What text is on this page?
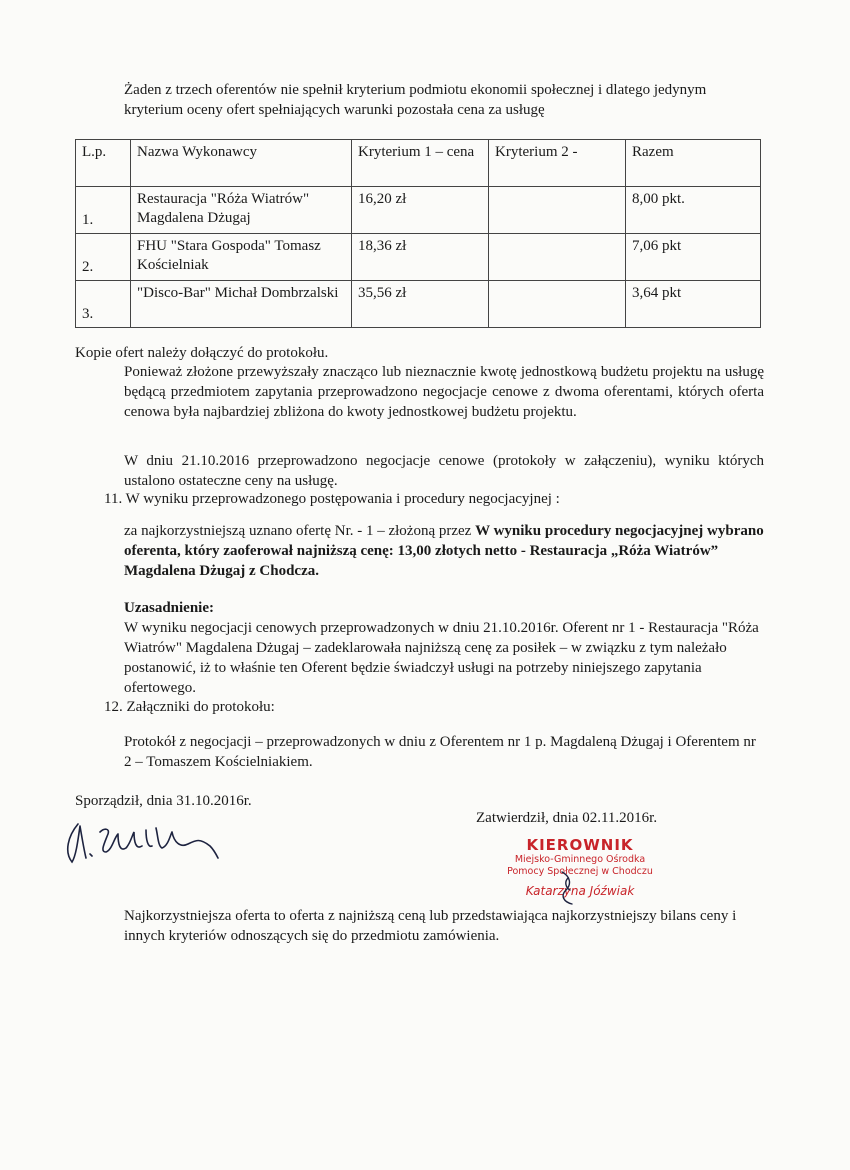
Żaden z trzech oferentów nie spełnił kryterium podmiotu ekonomii społecznej i dlatego jedynym kryterium oceny ofert spełniających warunki pozostała cena za usługę
L.p.	Nazwa Wykonawcy	Kryterium 1 – cena	Kryterium 2 -	Razem
1.	Restauracja "Róża Wiatrów" Magdalena Dżugaj	16,20 zł		8,00 pkt.
2.	FHU "Stara Gospoda" Tomasz Kościelniak	18,36 zł		7,06 pkt
3.	"Disco-Bar" Michał Dombrzalski	35,56 zł		3,64 pkt
Kopie ofert należy dołączyć do protokołu.
Ponieważ złożone przewyższały znacząco lub nieznacznie kwotę jednostkową budżetu projektu na usługę będącą przedmiotem zapytania przeprowadzono negocjacje cenowe z dwoma oferentami, których oferta cenowa była najbardziej zbliżona do kwoty jednostkowej budżetu projektu.
W dniu 21.10.2016 przeprowadzono negocjacje cenowe (protokoły w załączeniu), wyniku których ustalono ostateczne ceny na usługę.
11. W wyniku przeprowadzonego postępowania i procedury negocjacyjnej :
za najkorzystniejszą uznano ofertę Nr. - 1 – złożoną przez W wyniku procedury negocjacyjnej wybrano oferenta, który zaoferował najniższą cenę: 13,00 złotych netto - Restauracja „Róża Wiatrów” Magdalena Dżugaj z Chodcza.
Uzasadnienie:
W wyniku negocjacji cenowych przeprowadzonych w dniu 21.10.2016r. Oferent nr 1 - Restauracja "Róża Wiatrów" Magdalena Dżugaj – zadeklarowała najniższą cenę za posiłek – w związku z tym należało postanowić, iż to właśnie ten Oferent będzie świadczył usługi na potrzeby niniejszego zapytania ofertowego.
12. Załączniki do protokołu:
Protokół z negocjacji – przeprowadzonych w dniu z Oferentem nr 1 p. Magdaleną Dżugaj i Oferentem nr 2 – Tomaszem Kościelniakiem.
Sporządził, dnia 31.10.2016r.
Zatwierdził, dnia 02.11.2016r.
KIEROWNIK
Miejsko-Gminnego Ośrodka
Pomocy Społecznej w Chodczu
Katarzyna Jóźwiak
Najkorzystniejsza oferta to oferta z najniższą ceną lub przedstawiająca najkorzystniejszy bilans ceny i innych kryteriów odnoszących się do przedmiotu zamówienia.
